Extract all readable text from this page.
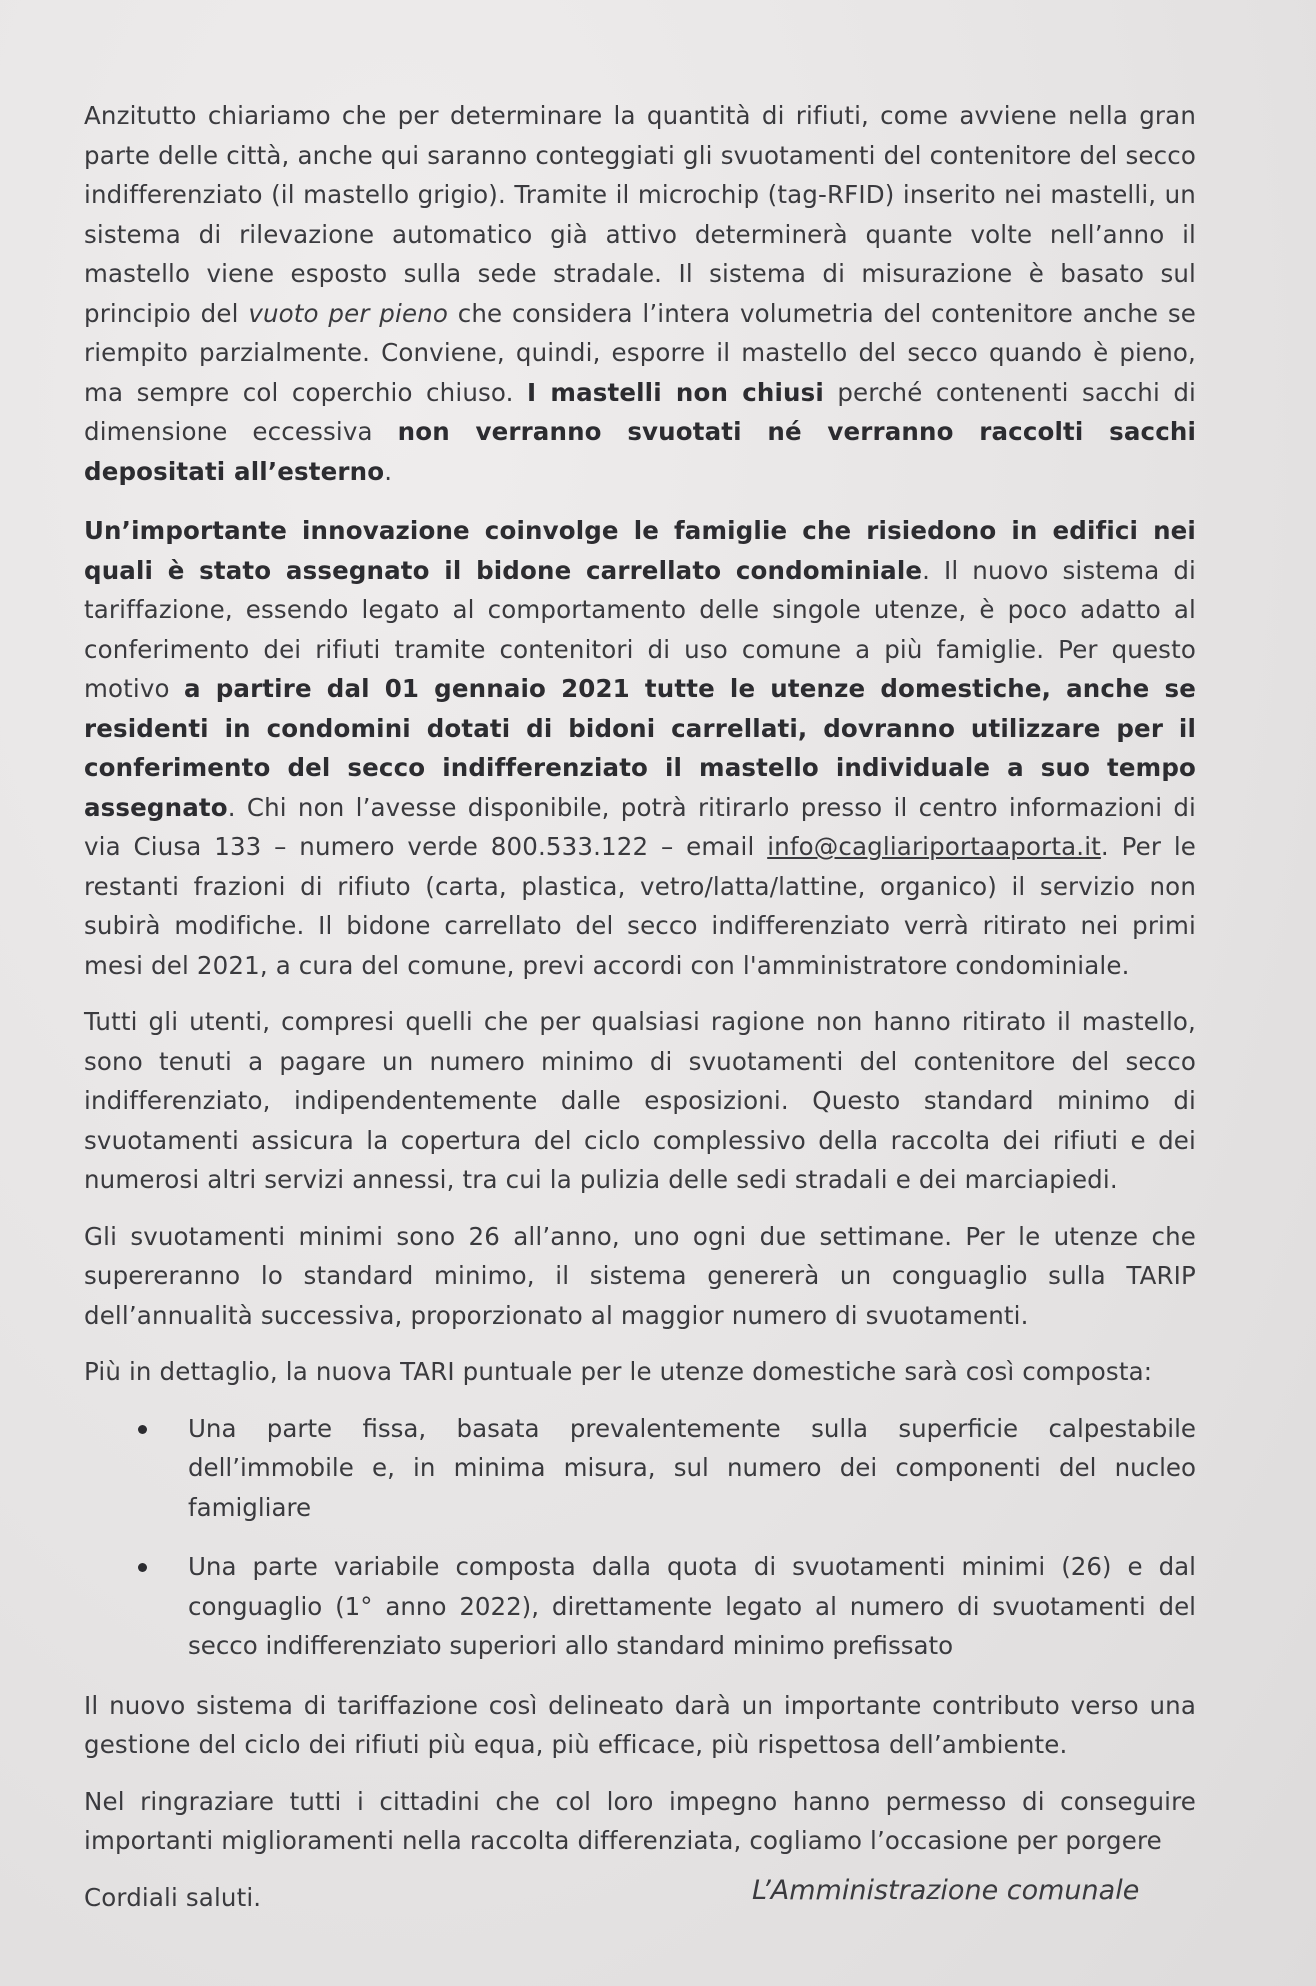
Anzitutto chiariamo che per determinare la quantità di rifiuti, come avviene nella gran parte delle città, anche qui saranno conteggiati gli svuotamenti del contenitore del secco indifferenziato (il mastello grigio). Tramite il microchip (tag-RFID) inserito nei mastelli, un sistema di rilevazione automatico già attivo determinerà quante volte nell’anno il mastello viene esposto sulla sede stradale. Il sistema di misurazione è basato sul principio del vuoto per pieno che considera l’intera volumetria del contenitore anche se riempito parzialmente. Conviene, quindi, esporre il mastello del secco quando è pieno, ma sempre col coperchio chiuso. I mastelli non chiusi perché contenenti sacchi di dimensione eccessiva non verranno svuotati né verranno raccolti sacchi depositati all’esterno.

Un’importante innovazione coinvolge le famiglie che risiedono in edifici nei quali è stato assegnato il bidone carrellato condominiale. Il nuovo sistema di tariffazione, essendo legato al comportamento delle singole utenze, è poco adatto al conferimento dei rifiuti tramite contenitori di uso comune a più famiglie. Per questo motivo a partire dal 01 gennaio 2021 tutte le utenze domestiche, anche se residenti in condomini dotati di bidoni carrellati, dovranno utilizzare per il conferimento del secco indifferenziato il mastello individuale a suo tempo assegnato. Chi non l’avesse disponibile, potrà ritirarlo presso il centro informazioni di via Ciusa 133 – numero verde 800.533.122 – email info@cagliariportaaporta.it. Per le restanti frazioni di rifiuto (carta, plastica, vetro/latta/lattine, organico) il servizio non subirà modifiche. Il bidone carrellato del secco indifferenziato verrà ritirato nei primi mesi del 2021, a cura del comune, previ accordi con l'amministratore condominiale.

Tutti gli utenti, compresi quelli che per qualsiasi ragione non hanno ritirato il mastello, sono tenuti a pagare un numero minimo di svuotamenti del contenitore del secco indifferenziato, indipendentemente dalle esposizioni. Questo standard minimo di svuotamenti assicura la copertura del ciclo complessivo della raccolta dei rifiuti e dei numerosi altri servizi annessi, tra cui la pulizia delle sedi stradali e dei marciapiedi.

Gli svuotamenti minimi sono 26 all’anno, uno ogni due settimane. Per le utenze che supereranno lo standard minimo, il sistema genererà un conguaglio sulla TARIP dell’annualità successiva, proporzionato al maggior numero di svuotamenti.

Più in dettaglio, la nuova TARI puntuale per le utenze domestiche sarà così composta:

Una parte fissa, basata prevalentemente sulla superficie calpestabile dell’immobile e, in minima misura, sul numero dei componenti del nucleo famigliare
Una parte variabile composta dalla quota di svuotamenti minimi (26) e dal conguaglio (1° anno 2022), direttamente legato al numero di svuotamenti del secco indifferenziato superiori allo standard minimo prefissato

Il nuovo sistema di tariffazione così delineato darà un importante contributo verso una gestione del ciclo dei rifiuti più equa, più efficace, più rispettosa dell’ambiente.

Nel ringraziare tutti i cittadini che col loro impegno hanno permesso di conseguire importanti miglioramenti nella raccolta differenziata, cogliamo l’occasione per porgere

Cordiali saluti.	L’Amministrazione comunale
